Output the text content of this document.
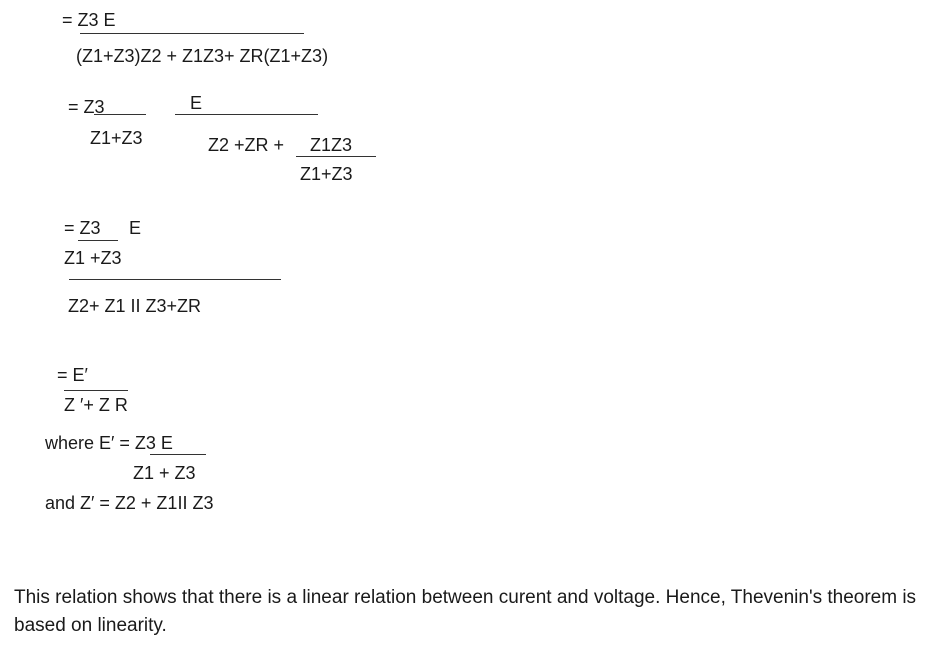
= Z3 E
(Z1+Z3)Z2 + Z1Z3+ ZR(Z1+Z3)
= Z3
Z1+Z3
E
Z2 +ZR + Z1Z3
Z1+Z3
= Z3 E
Z1 +Z3
Z2+ Z1 II Z3+ZR
= E′
Z ′+ Z R
where E′ = Z3 E
Z1 + Z3
and Z′ = Z2 + Z1II Z3
This relation shows that there is a linear relation between curent and voltage. Hence, Thevenin's theorem is based on linearity.
